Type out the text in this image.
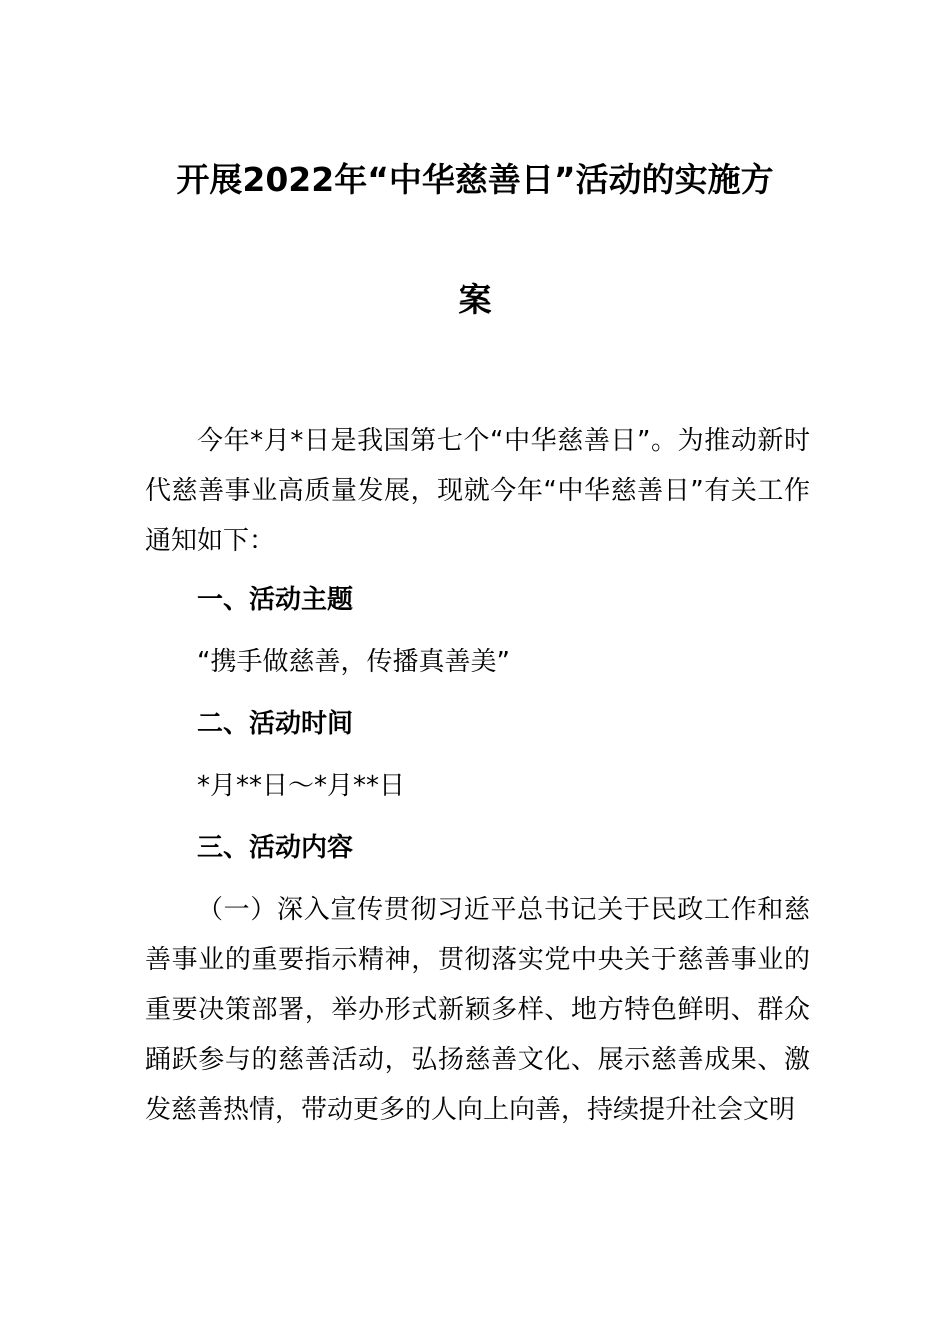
开展2022年“中华慈善日”活动的实施方
案

今年*月*日是我国第七个“中华慈善日”。为推动新时代慈善事业高质量发展，现就今年“中华慈善日”有关工作通知如下：

一、活动主题
“携手做慈善，传播真善美”
二、活动时间
*月**日～*月**日
三、活动内容

（一）深入宣传贯彻习近平总书记关于民政工作和慈善事业的重要指示精神，贯彻落实党中央关于慈善事业的重要决策部署，举办形式新颖多样、地方特色鲜明、群众踊跃参与的慈善活动，弘扬慈善文化、展示慈善成果、激发慈善热情，带动更多的人向上向善，持续提升社会文明
